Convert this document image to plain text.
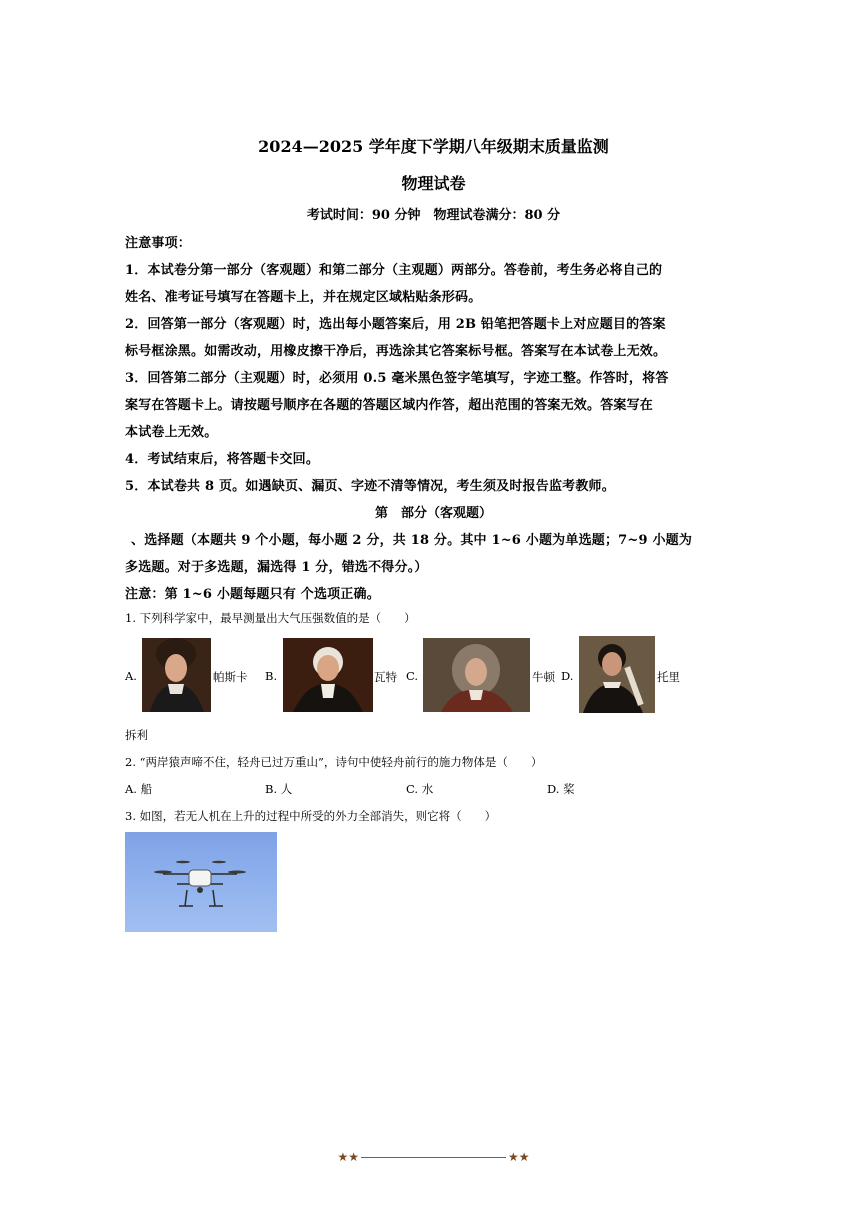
2024—2025 学年度下学期八年级期末质量监测
物理试卷
考试时间：90 分钟　物理试卷满分：80 分
注意事项：
1．本试卷分第一部分（客观题）和第二部分（主观题）两部分。答卷前，考生务必将自己的
姓名、准考证号填写在答题卡上，并在规定区域粘贴条形码。
2．回答第一部分（客观题）时，选出每小题答案后，用 2B 铅笔把答题卡上对应题目的答案
标号框涂黑。如需改动，用橡皮擦干净后，再选涂其它答案标号框。答案写在本试卷上无效。
3．回答第二部分（主观题）时，必须用 0.5 毫米黑色签字笔填写，字迹工整。作答时，将答
案写在答题卡上。请按题号顺序在各题的答题区域内作答，超出范围的答案无效。答案写在
本试卷上无效。
4．考试结束后，将答题卡交回。
5．本试卷共 8 页。如遇缺页、漏页、字迹不清等情况，考生须及时报告监考教师。
第　部分（客观题）
、选择题（本题共 9 个小题，每小题 2 分，共 18 分。其中 1~6 小题为单选题；7~9 小题为
多选题。对于多选题，漏选得 1 分，错选不得分。）
注意：第 1~6 小题每题只有 个选项正确。
1. 下列科学家中，最早测量出大气压强数值的是（　　）
A.	帕斯卡 B.	瓦特 C.	牛顿 D.	托里
拆利
2. “两岸猿声啼不住，轻舟已过万重山”，诗句中使轻舟前行的施力物体是（　　）
A. 船	B. 人	C. 水	D. 桨
3. 如图，若无人机在上升的过程中所受的外力全部消失，则它将（　　）
★★	★★
